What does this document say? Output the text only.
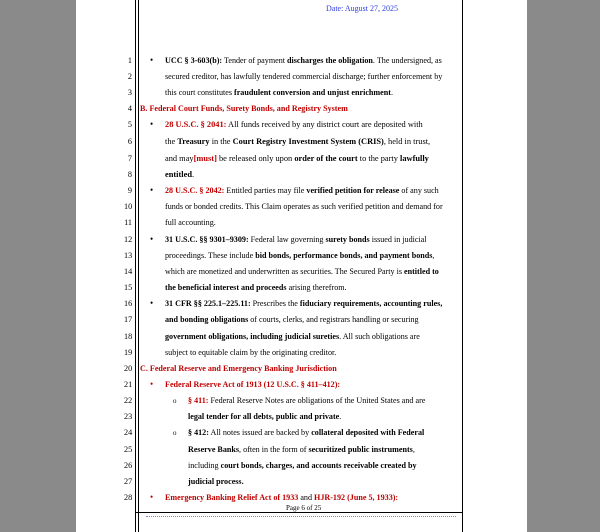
Date: August 27, 2025
1
2
3
4
5
6
7
8
9
10
11
12
13
14
15
16
17
18
19
20
21
22
23
24
25
26
27
28
• UCC § 3-603(b): Tender of payment discharges the obligation. The undersigned, as
secured creditor, has lawfully tendered commercial discharge; further enforcement by
this court constitutes fraudulent conversion and unjust enrichment.
B. Federal Court Funds, Surety Bonds, and Registry System
• 28 U.S.C. § 2041: All funds received by any district court are deposited with
the Treasury in the Court Registry Investment System (CRIS), held in trust,
and may[must] be released only upon order of the court to the party lawfully
entitled.
• 28 U.S.C. § 2042: Entitled parties may file verified petition for release of any such
funds or bonded credits. This Claim operates as such verified petition and demand for
full accounting.
• 31 U.S.C. §§ 9301–9309: Federal law governing surety bonds issued in judicial
proceedings. These include bid bonds, performance bonds, and payment bonds,
which are monetized and underwritten as securities. The Secured Party is entitled to
the beneficial interest and proceeds arising therefrom.
• 31 CFR §§ 225.1–225.11: Prescribes the fiduciary requirements, accounting rules,
and bonding obligations of courts, clerks, and registrars handling or securing
government obligations, including judicial sureties. All such obligations are
subject to equitable claim by the originating creditor.
C. Federal Reserve and Emergency Banking Jurisdiction
• Federal Reserve Act of 1913 (12 U.S.C. § 411–412):
o § 411: Federal Reserve Notes are obligations of the United States and are
legal tender for all debts, public and private.
o § 412: All notes issued are backed by collateral deposited with Federal
Reserve Banks, often in the form of securitized public instruments,
including court bonds, charges, and accounts receivable created by
judicial process.
• Emergency Banking Relief Act of 1933 and HJR-192 (June 5, 1933):
Page 6 of 25
